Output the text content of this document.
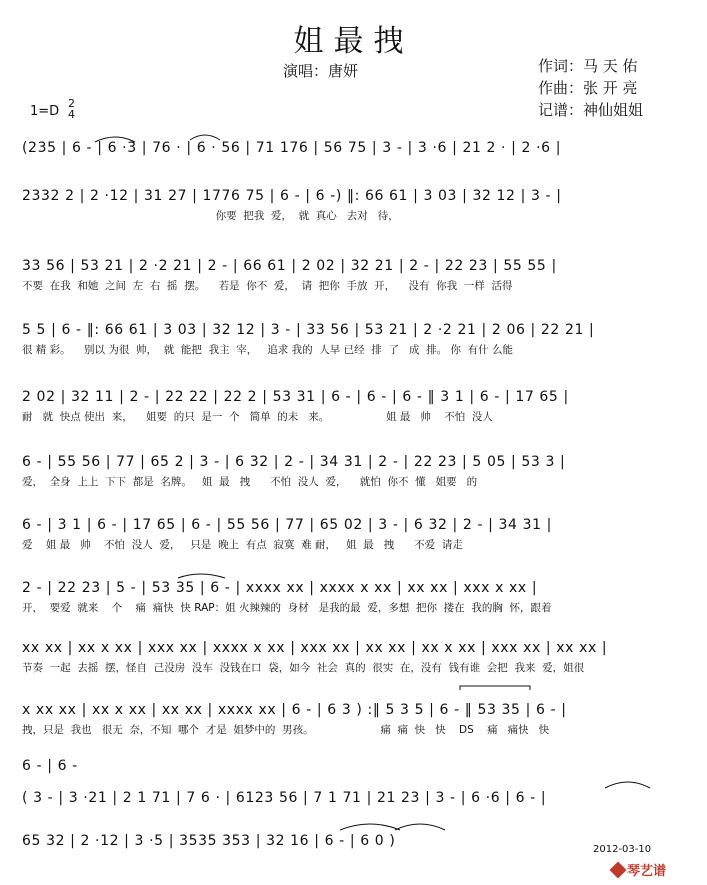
姐最拽
演唱：唐妍	作词：马 天 佑
作曲：张 开 亮
记谱：神仙姐姐
1=D
2
4
(235 | 6 - | 6 ·3 | 76 · | 6 · 56 | 71 176 | 56 75 | 3 - | 3 ·6 | 21 2 · | 2 ·6 |
2332 2 | 2 ·12 | 31 27 | 1776 75 | 6 - | 6 -) ‖: 66 61 | 3 03 | 32 12 | 3 - |
你要  把我  爱，  就  真心   去对   待，
33 56 | 53 21 | 2 ·2 21 | 2 - | 66 61 | 2 02 | 32 21 | 2 - | 22 23 | 55 55 |
不要  在我  和她  之间  左  右  摇  摆。    若是  你不  爱，  请  把你  手放  开，    没有  你我  一样  活得
5 5 | 6 - ‖: 66 61 | 3 03 | 32 12 | 3 - | 33 56 | 53 21 | 2 ·2 21 | 2 06 | 22 21 |
很 精 彩。    别以 为很  帅，  就  能把  我主  宰，   追求 我的  人早 已经  排  了   成  排。 你  有什 么能
2 02 | 32 11 | 2 - | 22 22 | 22 2 | 53 31 | 6 - | 6 - | 6 - ‖ 3 1 | 6 - | 17 65 |
耐   就  快点 使出  来，    姐要  的只  是一  个   简单  的未   来。                 姐 最   帅    不怕  没人
6 - | 55 56 | 77 | 65 2 | 3 - | 6 32 | 2 - | 34 31 | 2 - | 22 23 | 5 05 | 53 3 |
爱，  全身  上上  下下  都是  名牌。   姐  最   拽      不怕  没人  爱，    就怕  你不  懂   姐要   的
6 - | 3 1 | 6 - | 17 65 | 6 - | 55 56 | 77 | 65 02 | 3 - | 6 32 | 2 - | 34 31 |
爱    姐 最   帅    不怕  没人  爱，   只是  晚上  有点  寂寞  难 耐，   姐  最   拽      不爱  请走
2 - | 22 23 | 5 - | 53 35 | 6 - | xxxx xx | xxxx x xx | xx xx | xxx x xx |
开，  要爱  就来    个    痛  痛快  快 RAP：姐 火辣辣的  身材   是我的最  爱，多想  把你  搂在  我的胸  怀，跟着
xx xx | xx x xx | xxx xx | xxxx x xx | xxx xx | xx xx | xx x xx | xxx xx | xx xx |
节奏  一起  去摇  摆，怪自  己没房  没车  没钱在口  袋，如今  社会  真的  很实  在，没有  钱有谁  会把  我来  爱，姐很
x xx xx | xx x xx | xx xx | xxxx xx | 6 - | 6 3 ) :‖ 5 3 5 | 6 - ‖ 53 35 | 6 - |
拽，只是  我也   很无  奈，不知  哪个  才是  姐梦中的  男孩。                    痛  痛  快   快    DS    痛   痛快   快
6 - | 6 -
( 3 - | 3 ·21 | 2 1 71 | 7 6 · | 6123 56 | 7 1 71 | 21 23 | 3 - | 6 ·6 | 6 - |
65 32 | 2 ·12 | 3 ·5 | 3535 353 | 32 16 | 6 - | 6 0 )
2012-03-10
琴艺谱
